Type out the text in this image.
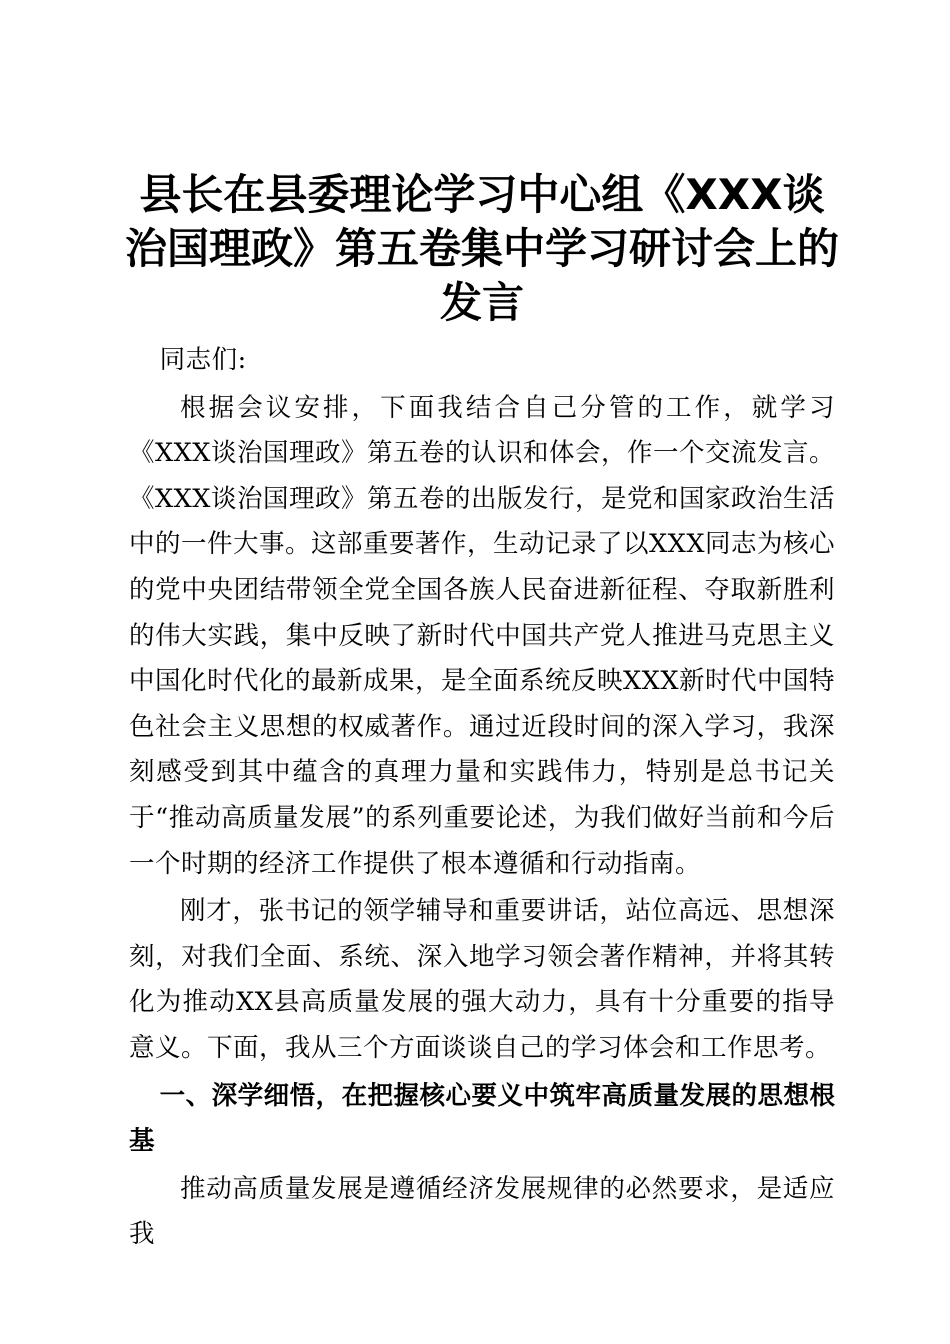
县长在县委理论学习中心组《XXX谈治国理政》第五卷集中学习研讨会上的发言

同志们:

根据会议安排，下面我结合自己分管的工作，就学习《XXX谈治国理政》第五卷的认识和体会，作一个交流发言。《XXX谈治国理政》第五卷的出版发行，是党和国家政治生活中的一件大事。这部重要著作，生动记录了以XXX同志为核心的党中央团结带领全党全国各族人民奋进新征程、夺取新胜利的伟大实践，集中反映了新时代中国共产党人推进马克思主义中国化时代化的最新成果，是全面系统反映XXX新时代中国特色社会主义思想的权威著作。通过近段时间的深入学习，我深刻感受到其中蕴含的真理力量和实践伟力，特别是总书记关于“推动高质量发展”的系列重要论述，为我们做好当前和今后一个时期的经济工作提供了根本遵循和行动指南。

刚才，张书记的领学辅导和重要讲话，站位高远、思想深刻，对我们全面、系统、深入地学习领会著作精神，并将其转化为推动XX县高质量发展的强大动力，具有十分重要的指导意义。下面，我从三个方面谈谈自己的学习体会和工作思考。

一、深学细悟，在把握核心要义中筑牢高质量发展的思想根基

推动高质量发展是遵循经济发展规律的必然要求，是适应我
